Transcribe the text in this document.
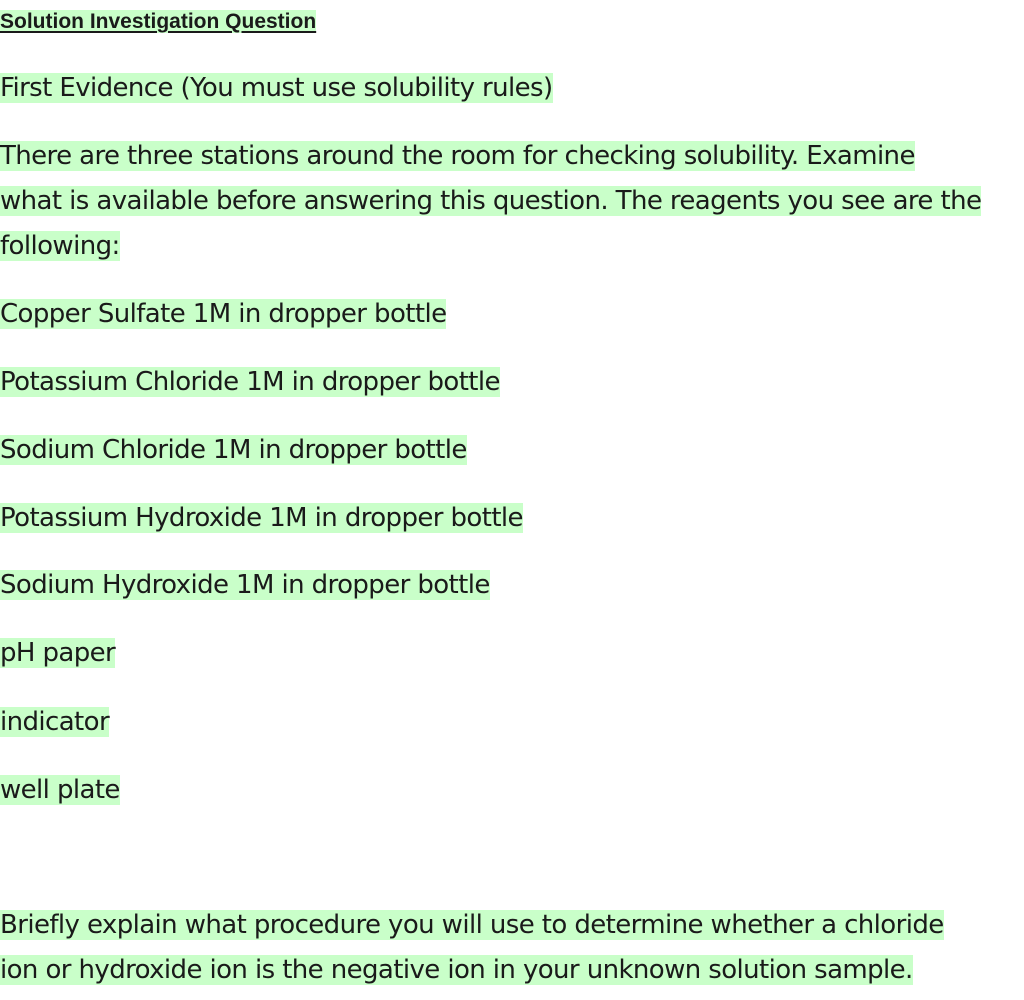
Solution Investigation Question

First Evidence (You must use solubility rules)

There are three stations around the room for checking solubility. Examine

what is available before answering this question. The reagents you see are the

following:

Copper Sulfate 1M in dropper bottle

Potassium Chloride 1M in dropper bottle

Sodium Chloride 1M in dropper bottle

Potassium Hydroxide 1M in dropper bottle

Sodium Hydroxide 1M in dropper bottle

pH paper

indicator

well plate

Briefly explain what procedure you will use to determine whether a chloride

ion or hydroxide ion is the negative ion in your unknown solution sample.
